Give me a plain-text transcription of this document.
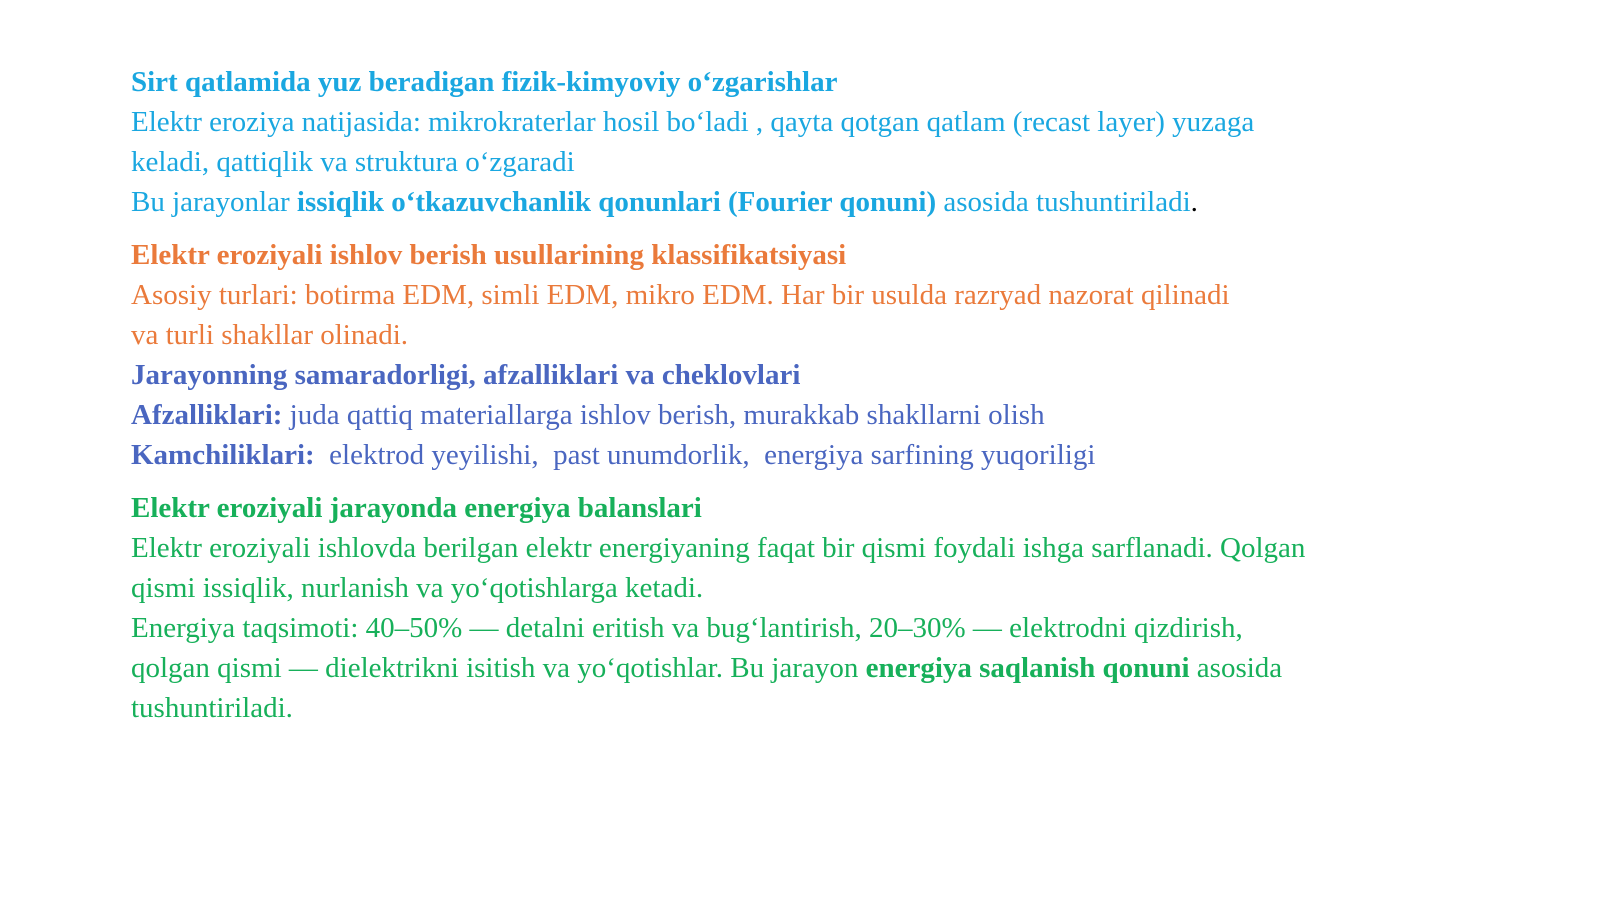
Sirt qatlamida yuz beradigan fizik-kimyoviy o‘zgarishlar
Elektr eroziya natijasida: mikrokraterlar hosil bo‘ladi , qayta qotgan qatlam (recast layer) yuzaga
keladi, qattiqlik va struktura o‘zgaradi
Bu jarayonlar issiqlik o‘tkazuvchanlik qonunlari (Fourier qonuni) asosida tushuntiriladi.
Elektr eroziyali ishlov berish usullarining klassifikatsiyasi
Asosiy turlari: botirma EDM, simli EDM, mikro EDM. Har bir usulda razryad nazorat qilinadi
va turli shakllar olinadi.
Jarayonning samaradorligi, afzalliklari va cheklovlari
Afzalliklari: juda qattiq materiallarga ishlov berish, murakkab shakllarni olish
Kamchiliklari:  elektrod yeyilishi,  past unumdorlik,  energiya sarfining yuqoriligi
Elektr eroziyali jarayonda energiya balanslari
Elektr eroziyali ishlovda berilgan elektr energiyaning faqat bir qismi foydali ishga sarflanadi. Qolgan
qismi issiqlik, nurlanish va yo‘qotishlarga ketadi.
Energiya taqsimoti: 40–50% — detalni eritish va bug‘lantirish, 20–30% — elektrodni qizdirish,
qolgan qismi — dielektrikni isitish va yo‘qotishlar. Bu jarayon energiya saqlanish qonuni asosida
tushuntiriladi.
